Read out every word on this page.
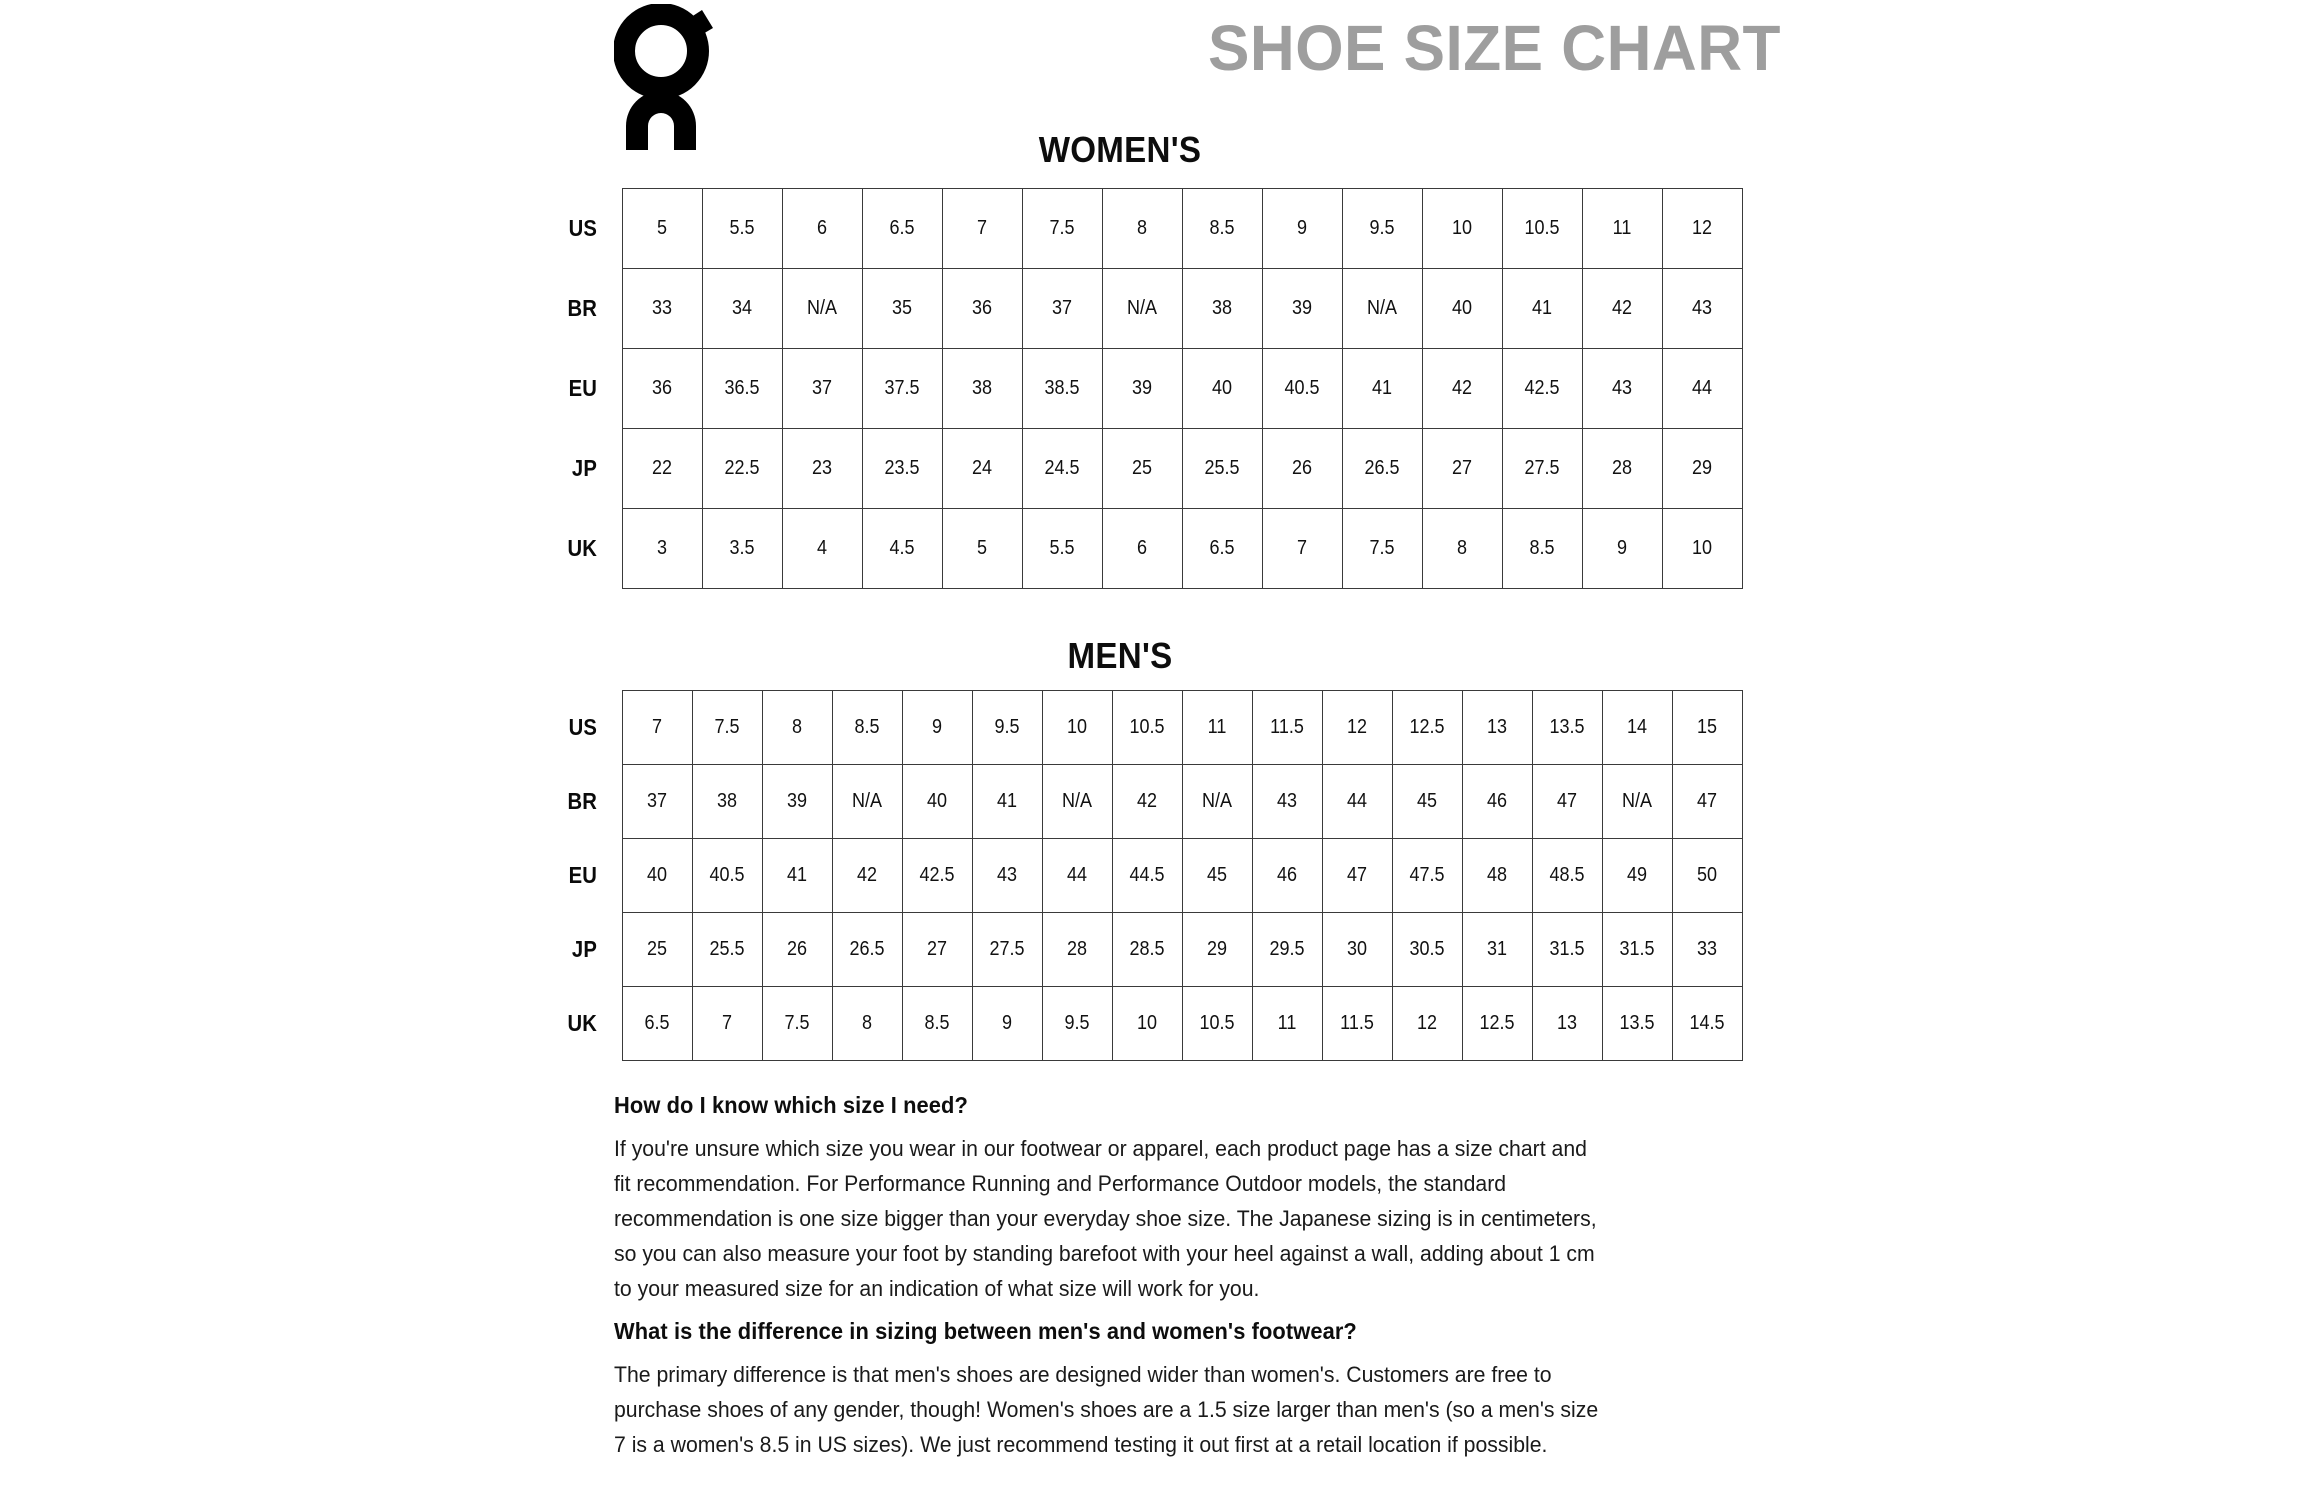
SHOE SIZE CHART
WOMEN'S
US	5	5.5	6	6.5	7	7.5	8	8.5	9	9.5	10	10.5	11	12
BR	33	34	N/A	35	36	37	N/A	38	39	N/A	40	41	42	43
EU	36	36.5	37	37.5	38	38.5	39	40	40.5	41	42	42.5	43	44
JP	22	22.5	23	23.5	24	24.5	25	25.5	26	26.5	27	27.5	28	29
UK	3	3.5	4	4.5	5	5.5	6	6.5	7	7.5	8	8.5	9	10
MEN'S
US	7	7.5	8	8.5	9	9.5	10	10.5	11	11.5	12	12.5	13	13.5	14	15
BR	37	38	39	N/A	40	41	N/A	42	N/A	43	44	45	46	47	N/A	47
EU	40	40.5	41	42	42.5	43	44	44.5	45	46	47	47.5	48	48.5	49	50
JP	25	25.5	26	26.5	27	27.5	28	28.5	29	29.5	30	30.5	31	31.5	31.5	33
UK	6.5	7	7.5	8	8.5	9	9.5	10	10.5	11	11.5	12	12.5	13	13.5	14.5

How do I know which size I need?

If you're unsure which size you wear in our footwear or apparel, each product page has a size chart and fit recommendation. For Performance Running and Performance Outdoor models, the standard recommendation is one size bigger than your everyday shoe size. The Japanese sizing is in centimeters, so you can also measure your foot by standing barefoot with your heel against a wall, adding about 1 cm to your measured size for an indication of what size will work for you.

What is the difference in sizing between men's and women's footwear?

The primary difference is that men's shoes are designed wider than women's. Customers are free to purchase shoes of any gender, though! Women's shoes are a 1.5 size larger than men's (so a men's size 7 is a women's 8.5 in US sizes). We just recommend testing it out first at a retail location if possible.
